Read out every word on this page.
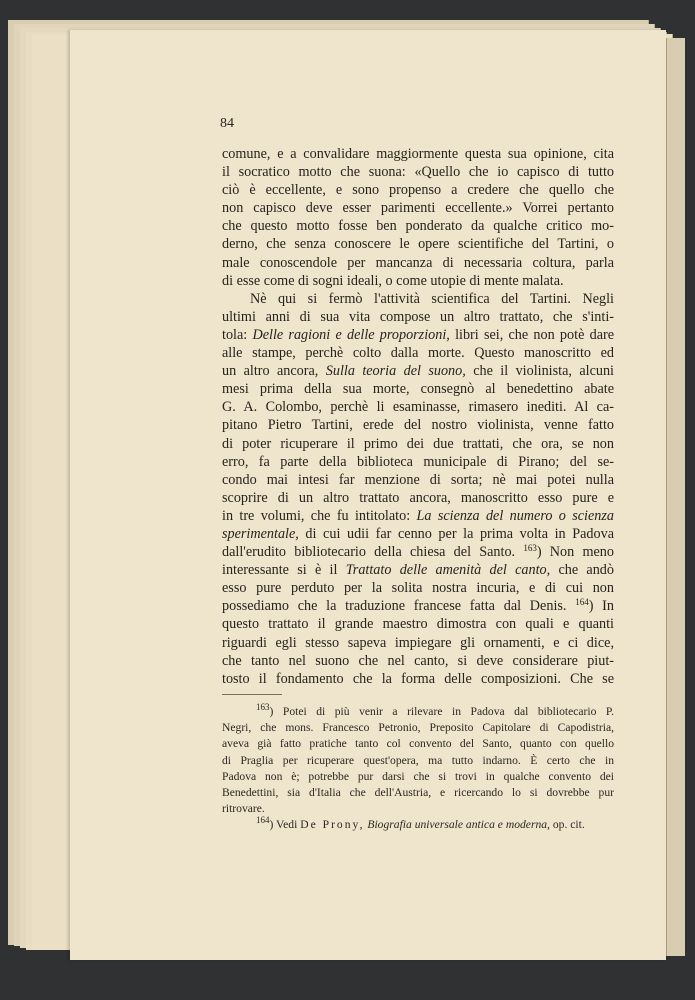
84
comune, e a convalidare maggiormente questa sua opinione, cita
il socratico motto che suona: «Quello che io capisco di tutto
ciò è eccellente, e sono propenso a credere che quello che
non capisco deve esser parimenti eccellente.» Vorrei pertanto
che questo motto fosse ben ponderato da qualche critico mo-
derno, che senza conoscere le opere scientifiche del Tartini, o
male conoscendole per mancanza di necessaria coltura, parla
di esse come di sogni ideali, o come utopie di mente malata.
Nè qui si fermò l'attività scientifica del Tartini. Negli
ultimi anni di sua vita compose un altro trattato, che s'inti-
tola: Delle ragioni e delle proporzioni, libri sei, che non potè dare
alle stampe, perchè colto dalla morte. Questo manoscritto ed
un altro ancora, Sulla teoria del suono, che il violinista, alcuni
mesi prima della sua morte, consegnò al benedettino abate
G. A. Colombo, perchè li esaminasse, rimasero inediti. Al ca-
pitano Pietro Tartini, erede del nostro violinista, venne fatto
di poter ricuperare il primo dei due trattati, che ora, se non
erro, fa parte della biblioteca municipale di Pirano; del se-
condo mai intesi far menzione di sorta; nè mai potei nulla
scoprire di un altro trattato ancora, manoscritto esso pure e
in tre volumi, che fu intitolato: La scienza del numero o scienza
sperimentale, di cui udii far cenno per la prima volta in Padova
dall'erudito bibliotecario della chiesa del Santo. $^{163}$) Non meno
interessante si è il Trattato delle amenità del canto, che andò
esso pure perduto per la solita nostra incuria, e di cui non
possediamo che la traduzione francese fatta dal Denis. $^{164}$) In
questo trattato il grande maestro dimostra con quali e quanti
riguardi egli stesso sapeva impiegare gli ornamenti, e ci dice,
che tanto nel suono che nel canto, si deve considerare piut-
tosto il fondamento che la forma delle composizioni. Che se
$^{163}$) Potei di più venir a rilevare in Padova dal bibliotecario P.
Negri, che mons. Francesco Petronio, Preposito Capitolare di Capodistria,
aveva già fatto pratiche tanto col convento del Santo, quanto con quello
di Praglia per ricuperare quest'opera, ma tutto indarno. È certo che in
Padova non è; potrebbe pur darsi che si trovi in qualche convento dei
Benedettini, sia d'Italia che dell'Austria, e ricercando lo si dovrebbe pur
ritrovare.
$^{164}$) Vedi De Prony, Biografia universale antica e moderna, op. cit.
